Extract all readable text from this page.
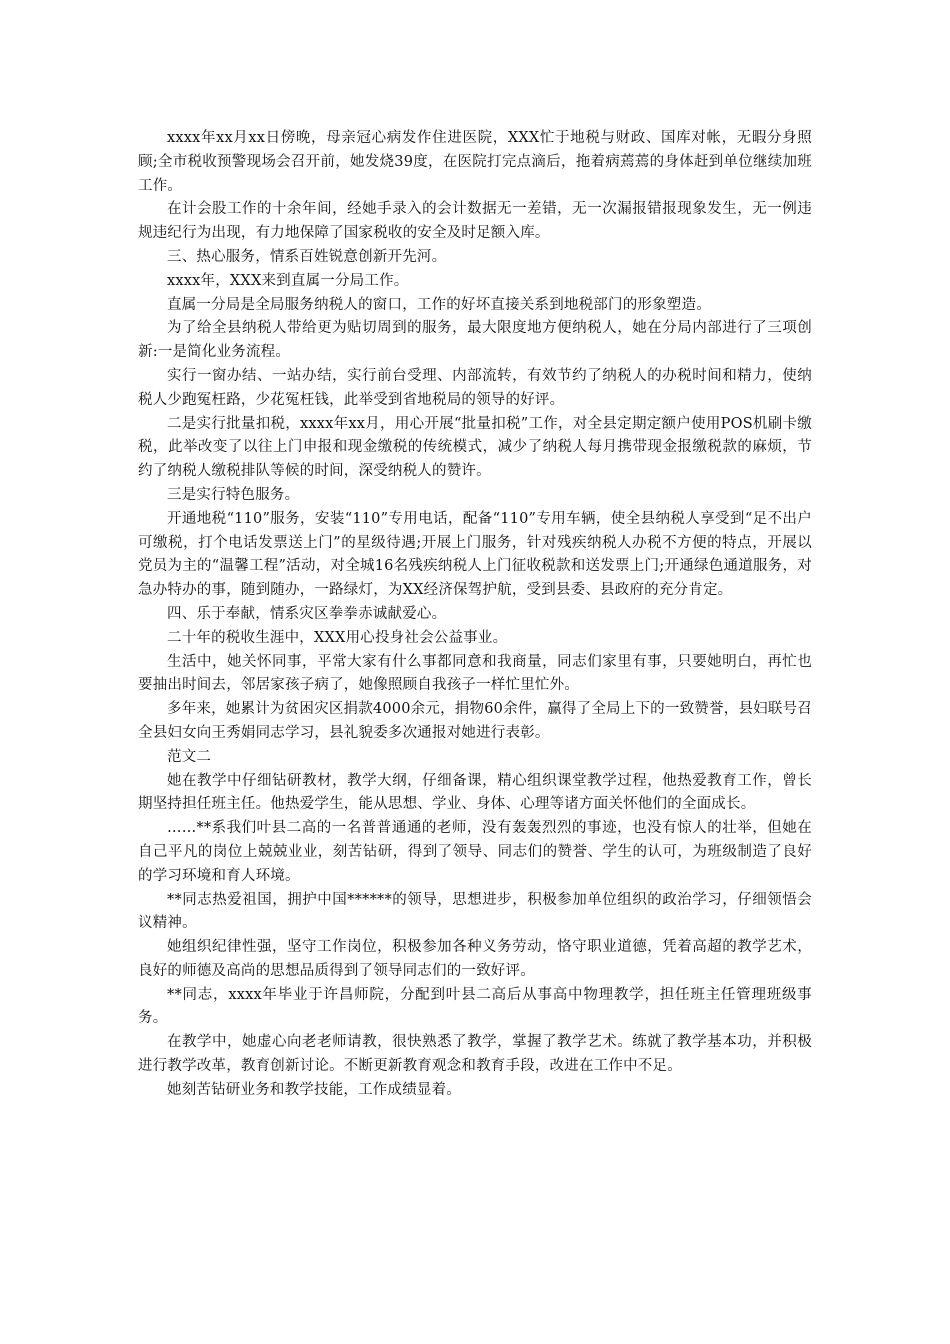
xxxx年xx月xx日傍晚，母亲冠心病发作住进医院，XXX忙于地税与财政、国库对帐，无暇分身照顾;全市税收预警现场会召开前，她发烧39度，在医院打完点滴后，拖着病蔫蔫的身体赶到单位继续加班工作。

在计会股工作的十余年间，经她手录入的会计数据无一差错，无一次漏报错报现象发生，无一例违规违纪行为出现，有力地保障了国家税收的安全及时足额入库。

三、热心服务，情系百姓锐意创新开先河。

xxxx年，XXX来到直属一分局工作。

直属一分局是全局服务纳税人的窗口，工作的好坏直接关系到地税部门的形象塑造。

为了给全县纳税人带给更为贴切周到的服务，最大限度地方便纳税人，她在分局内部进行了三项创新:一是简化业务流程。

实行一窗办结、一站办结，实行前台受理、内部流转，有效节约了纳税人的办税时间和精力，使纳税人少跑冤枉路，少花冤枉钱，此举受到省地税局的领导的好评。

二是实行批量扣税，xxxx年xx月，用心开展“批量扣税”工作，对全县定期定额户使用POS机刷卡缴税，此举改变了以往上门申报和现金缴税的传统模式，减少了纳税人每月携带现金报缴税款的麻烦，节约了纳税人缴税排队等候的时间，深受纳税人的赞许。

三是实行特色服务。

开通地税“110”服务，安装“110”专用电话，配备“110”专用车辆，使全县纳税人享受到“足不出户可缴税，打个电话发票送上门”的星级待遇;开展上门服务，针对残疾纳税人办税不方便的特点，开展以党员为主的“温馨工程”活动，对全城16名残疾纳税人上门征收税款和送发票上门;开通绿色通道服务，对急办特办的事，随到随办，一路绿灯，为XX经济保驾护航，受到县委、县政府的充分肯定。

四、乐于奉献，情系灾区拳拳赤诚献爱心。

二十年的税收生涯中，XXX用心投身社会公益事业。

生活中，她关怀同事，平常大家有什么事都同意和我商量，同志们家里有事，只要她明白，再忙也要抽出时间去，邻居家孩子病了，她像照顾自我孩子一样忙里忙外。

多年来，她累计为贫困灾区捐款4000余元，捐物60余件，赢得了全局上下的一致赞誉，县妇联号召全县妇女向王秀娟同志学习，县礼貌委多次通报对她进行表彰。

范文二

她在教学中仔细钻研教材，教学大纲，仔细备课，精心组织课堂教学过程，他热爱教育工作，曾长期坚持担任班主任。他热爱学生，能从思想、学业、身体、心理等诸方面关怀他们的全面成长。

……**系我们叶县二高的一名普普通通的老师，没有轰轰烈烈的事迹，也没有惊人的壮举，但她在自己平凡的岗位上兢兢业业，刻苦钻研，得到了领导、同志们的赞誉、学生的认可，为班级制造了良好的学习环境和育人环境。

**同志热爱祖国，拥护中国******的领导，思想进步，积极参加单位组织的政治学习，仔细领悟会议精神。

她组织纪律性强，坚守工作岗位，积极参加各种义务劳动，恪守职业道德，凭着高超的教学艺术，良好的师德及高尚的思想品质得到了领导同志们的一致好评。

**同志，xxxx年毕业于许昌师院，分配到叶县二高后从事高中物理教学，担任班主任管理班级事务。

在教学中，她虚心向老老师请教，很快熟悉了教学，掌握了教学艺术。练就了教学基本功，并积极进行教学改革，教育创新讨论。不断更新教育观念和教育手段，改进在工作中不足。

她刻苦钻研业务和教学技能，工作成绩显着。
